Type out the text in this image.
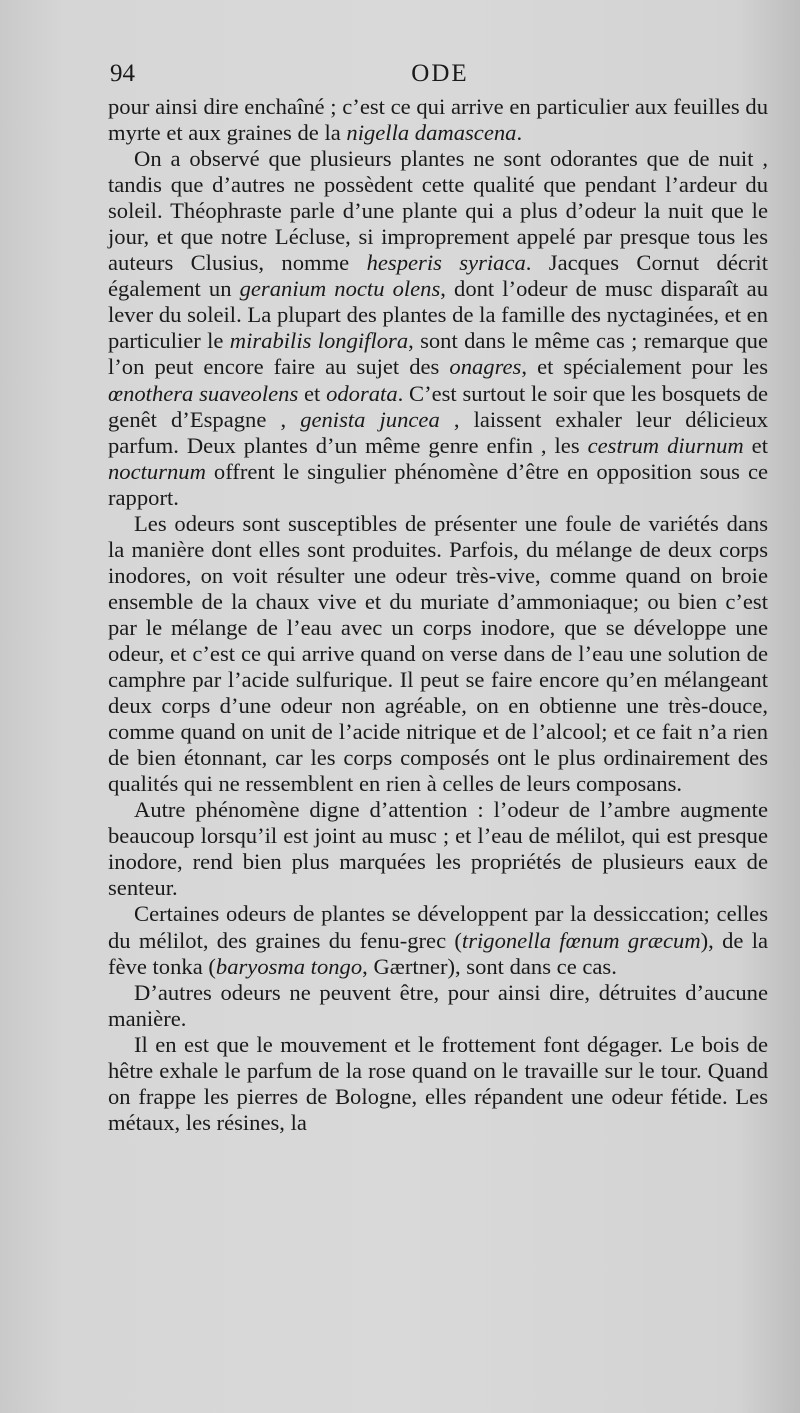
94	ODE

pour ainsi dire enchaîné ; c’est ce qui arrive en particulier aux feuilles du myrte et aux graines de la nigella damascena.

On a observé que plusieurs plantes ne sont odorantes que de nuit , tandis que d’autres ne possèdent cette qualité que pendant l’ardeur du soleil. Théophraste parle d’une plante qui a plus d’odeur la nuit que le jour, et que notre Lécluse, si improprement appelé par presque tous les auteurs Clusius, nomme hesperis syriaca. Jacques Cornut décrit également un geranium noctu olens, dont l’odeur de musc disparaît au lever du soleil. La plupart des plantes de la famille des nyctaginées, et en particulier le mirabilis longiflora, sont dans le même cas ; remarque que l’on peut encore faire au sujet des onagres, et spécialement pour les œnothera suaveolens et odorata. C’est surtout le soir que les bosquets de genêt d’Espagne , genista juncea , laissent exhaler leur délicieux parfum. Deux plantes d’un même genre enfin , les cestrum diurnum et nocturnum offrent le singulier phénomène d’être en opposition sous ce rapport.

Les odeurs sont susceptibles de présenter une foule de variétés dans la manière dont elles sont produites. Parfois, du mélange de deux corps inodores, on voit résulter une odeur très-vive, comme quand on broie ensemble de la chaux vive et du muriate d’ammoniaque; ou bien c’est par le mélange de l’eau avec un corps inodore, que se développe une odeur, et c’est ce qui arrive quand on verse dans de l’eau une solution de camphre par l’acide sulfurique. Il peut se faire encore qu’en mélangeant deux corps d’une odeur non agréable, on en obtienne une très-douce, comme quand on unit de l’acide nitrique et de l’alcool; et ce fait n’a rien de bien étonnant, car les corps composés ont le plus ordinairement des qualités qui ne ressemblent en rien à celles de leurs composans.

Autre phénomène digne d’attention : l’odeur de l’ambre augmente beaucoup lorsqu’il est joint au musc ; et l’eau de mélilot, qui est presque inodore, rend bien plus marquées les propriétés de plusieurs eaux de senteur.

Certaines odeurs de plantes se développent par la dessiccation; celles du mélilot, des graines du fenu-grec (trigonella fœnum græcum), de la fève tonka (baryosma tongo, Gærtner), sont dans ce cas.

D’autres odeurs ne peuvent être, pour ainsi dire, détruites d’aucune manière.

Il en est que le mouvement et le frottement font dégager. Le bois de hêtre exhale le parfum de la rose quand on le travaille sur le tour. Quand on frappe les pierres de Bologne, elles répandent une odeur fétide. Les métaux, les résines, la
